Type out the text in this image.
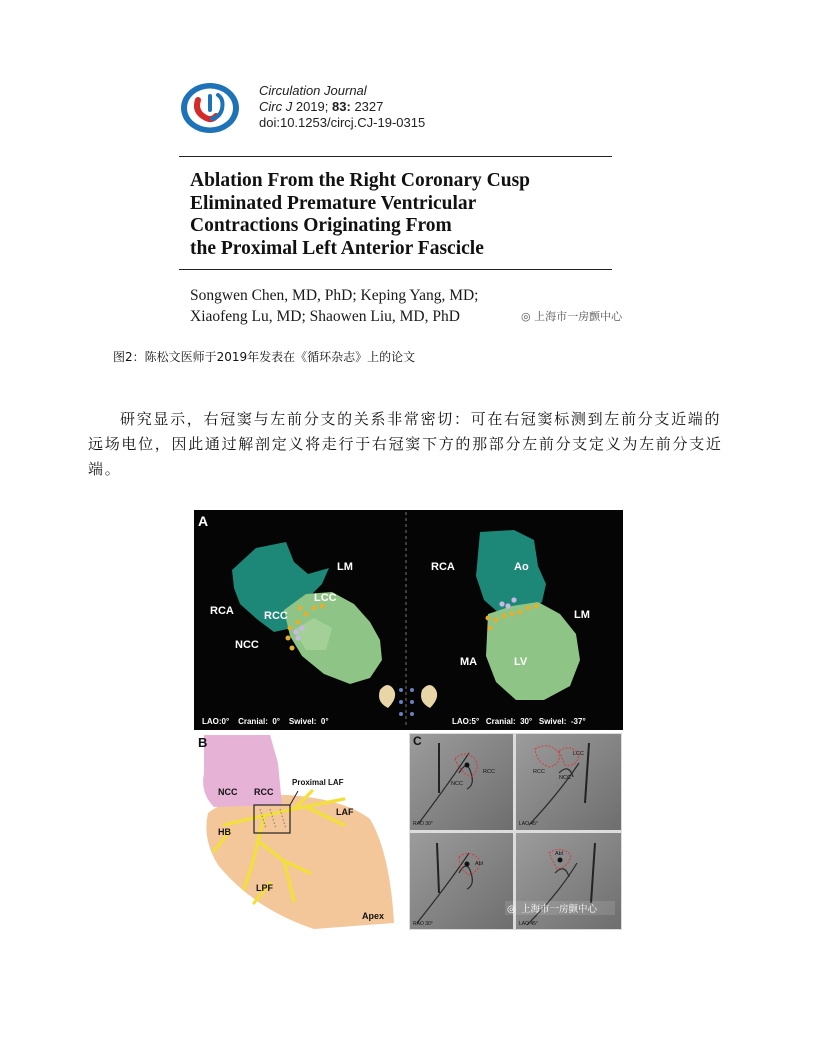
Circulation Journal
Circ J 2019; 83: 2327
doi:10.1253/circj.CJ-19-0315
Ablation From the Right Coronary Cusp
Eliminated Premature Ventricular
Contractions Originating From
the Proximal Left Anterior Fascicle
Songwen Chen, MD, PhD; Keping Yang, MD;
Xiaofeng Lu, MD; Shaowen Liu, MD, PhD	◎ 上海市一房颤中心
图2：陈松文医师于2019年发表在《循环杂志》上的论文
研究显示，右冠窦与左前分支的关系非常密切：可在右冠窦标测到左前分支近端的远场电位，因此通过解剖定义将走行于右冠窦下方的那部分左前分支定义为左前分支近端。
A
LM
LCC
RCA	RCC
NCC
RCA	Ao
LM
MA	LV
LAO:0°    Cranial:  0°    Swivel:  0°	LAO:5°   Cranial:  30°   Swivel:  -37°
B
NCC RCC
Proximal LAF
LAF
HB
LPF
Apex
C
RCC
NCC
RAO 30°
LCC
RCC
NCC
LAO 45°
Abl
RAO 30°
Abl
LAO 45°
◎ 上海市一房颤中心
